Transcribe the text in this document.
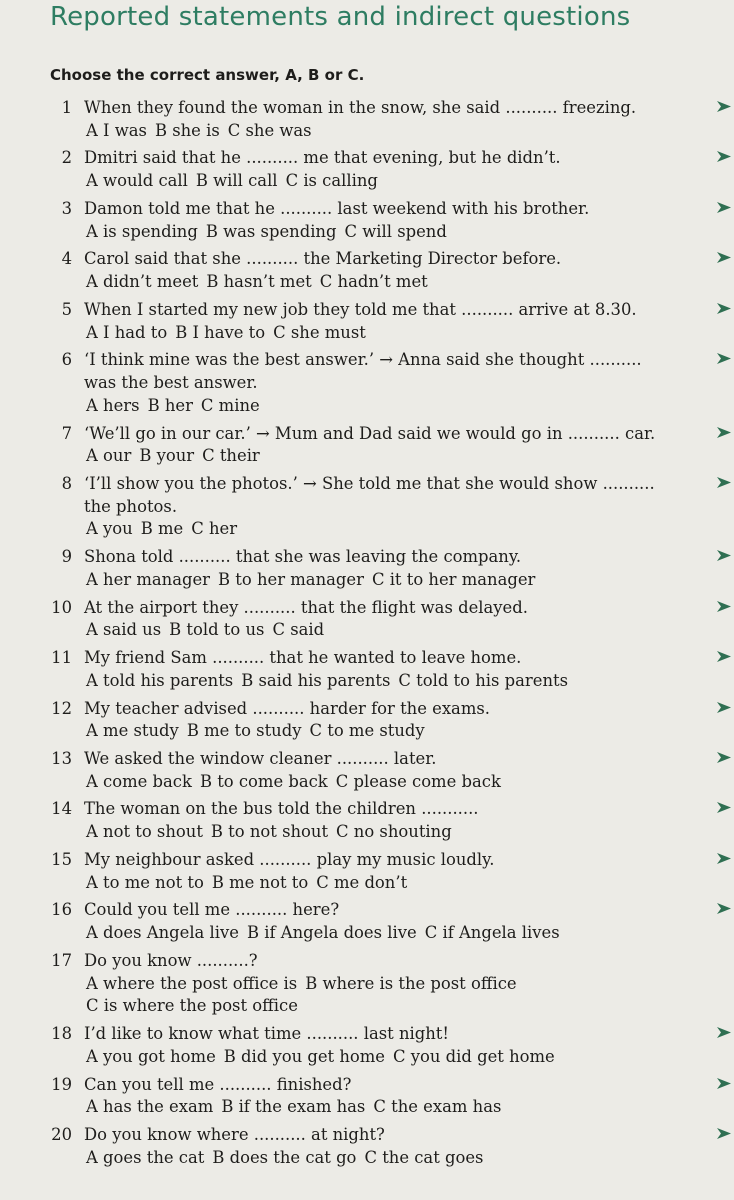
Reported statements and indirect questions
Choose the correct answer, A, B or C.
1 When they found the woman in the snow, she said .......... freezing.
A I was B she is C she was
2 Dmitri said that he .......... me that evening, but he didn’t.
A would call B will call C is calling
3 Damon told me that he .......... last weekend with his brother.
A is spending B was spending C will spend
4 Carol said that she .......... the Marketing Director before.
A didn’t meet B hasn’t met C hadn’t met
5 When I started my new job they told me that .......... arrive at 8.30.
A I had to B I have to C she must
6 ‘I think mine was the best answer.’ → Anna said she thought ..........
was the best answer.
A hers B her C mine
7 ‘We’ll go in our car.’ → Mum and Dad said we would go in .......... car.
A our B your C their
8 ‘I’ll show you the photos.’ → She told me that she would show ..........
the photos.
A you B me C her
9 Shona told .......... that she was leaving the company.
A her manager B to her manager C it to her manager
10 At the airport they .......... that the flight was delayed.
A said us B told to us C said
11 My friend Sam .......... that he wanted to leave home.
A told his parents B said his parents C told to his parents
12 My teacher advised .......... harder for the exams.
A me study B me to study C to me study
13 We asked the window cleaner .......... later.
A come back B to come back C please come back
14 The woman on the bus told the children ...........
A not to shout B to not shout C no shouting
15 My neighbour asked .......... play my music loudly.
A to me not to B me not to C me don’t
16 Could you tell me .......... here?
A does Angela live B if Angela does live C if Angela lives
17 Do you know ..........?
A where the post office is B where is the post office
C is where the post office
18 I’d like to know what time .......... last night!
A you got home B did you get home C you did get home
19 Can you tell me .......... finished?
A has the exam B if the exam has C the exam has
20 Do you know where .......... at night?
A goes the cat B does the cat go C the cat goes
